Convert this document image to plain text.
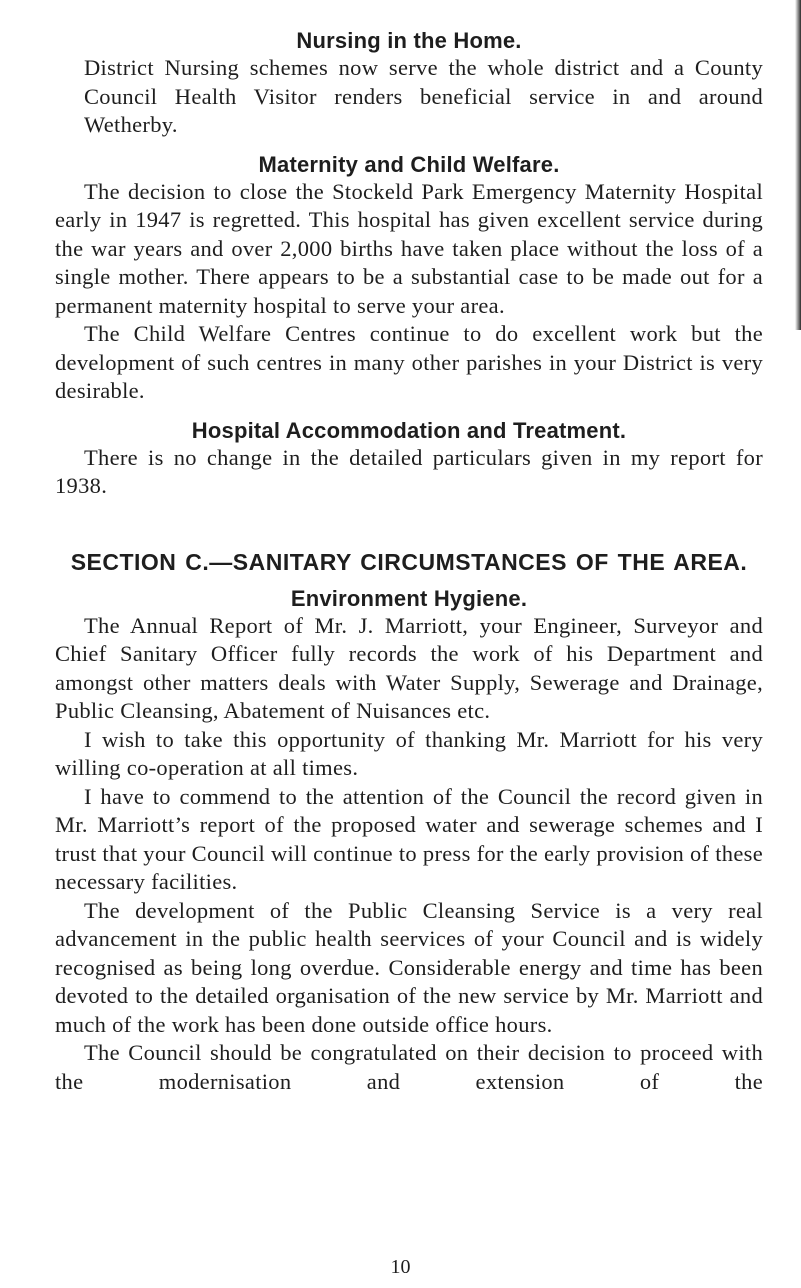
Nursing in the Home.

District Nursing schemes now serve the whole district and a County Council Health Visitor renders beneficial service in and around Wetherby.

Maternity and Child Welfare.

The decision to close the Stockeld Park Emergency Maternity Hospital early in 1947 is regretted. This hospital has given excellent service during the war years and over 2,000 births have taken place without the loss of a single mother. There appears to be a substantial case to be made out for a permanent maternity hospital to serve your area.

The Child Welfare Centres continue to do excellent work but the development of such centres in many other parishes in your District is very desirable.

Hospital Accommodation and Treatment.

There is no change in the detailed particulars given in my report for 1938.

SECTION C.—SANITARY CIRCUMSTANCES OF THE AREA.
Environment Hygiene.

The Annual Report of Mr. J. Marriott, your Engineer, Surveyor and Chief Sanitary Officer fully records the work of his Department and amongst other matters deals with Water Supply, Sewerage and Drainage, Public Cleansing, Abatement of Nuisances etc.

I wish to take this opportunity of thanking Mr. Marriott for his very willing co-operation at all times.

I have to commend to the attention of the Council the record given in Mr. Marriott’s report of the proposed water and sewerage schemes and I trust that your Council will continue to press for the early provision of these necessary facilities.

The development of the Public Cleansing Service is a very real advancement in the public health seervices of your Council and is widely recognised as being long overdue. Considerable energy and time has been devoted to the detailed organisation of the new service by Mr. Marriott and much of the work has been done outside office hours.

The Council should be congratulated on their decision to proceed with the modernisation and extension of the

10
